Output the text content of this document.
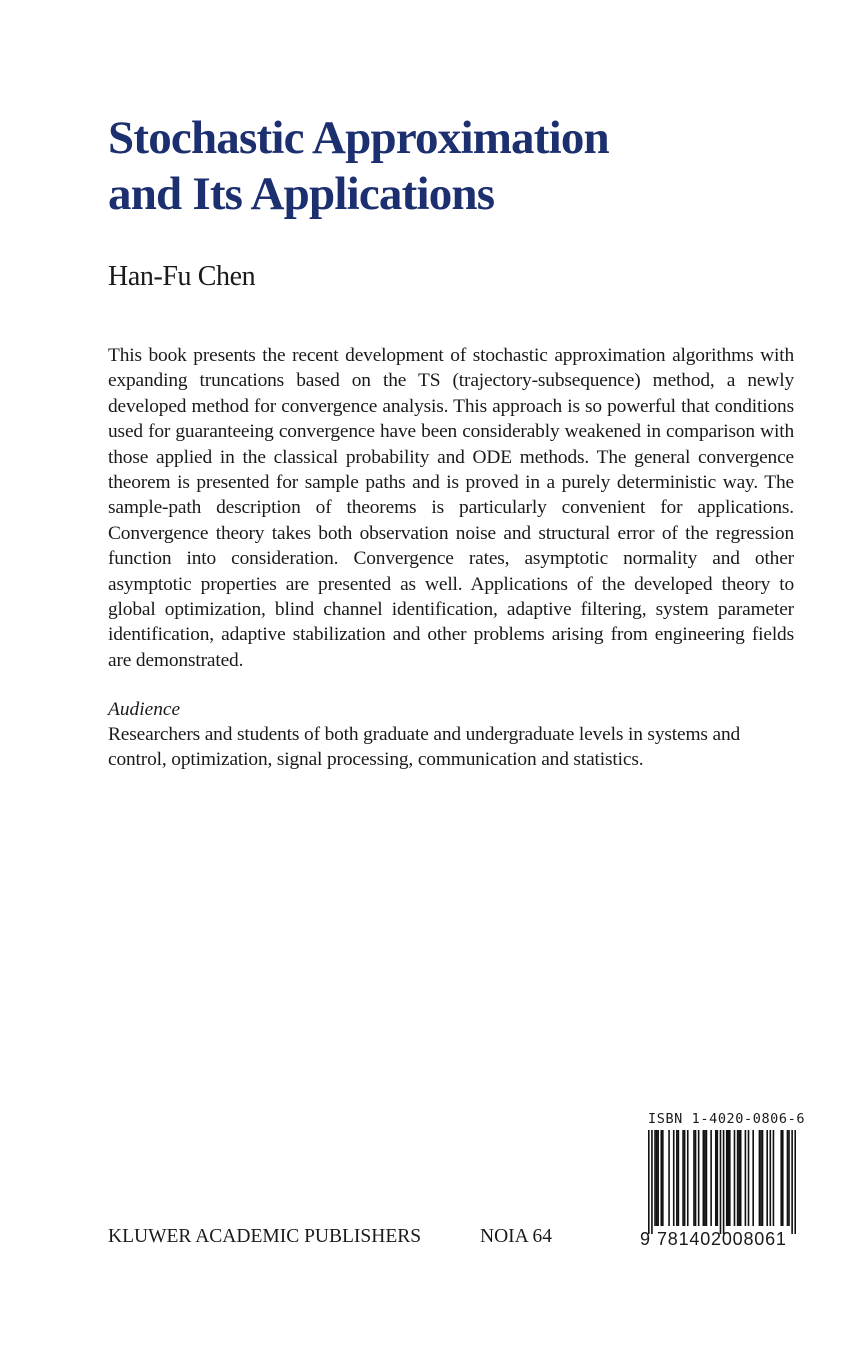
Stochastic Approximation
and Its Applications
Han-Fu Chen

This book presents the recent development of stochastic approximation algorithms with expanding truncations based on the TS (trajectory-subsequence) method, a newly developed method for convergence analysis. This approach is so powerful that conditions used for guaranteeing convergence have been considerably weakened in comparison with those applied in the classical probability and ODE methods. The general convergence theorem is presented for sample paths and is proved in a purely deterministic way. The sample-path description of theorems is particularly convenient for applications. Convergence theory takes both observation noise and structural error of the regression function into consideration. Convergence rates, asymptotic normality and other asymptotic properties are presented as well. Applications of the developed theory to global optimization, blind channel identification, adaptive filtering, system parameter identification, adaptive stabilization and other problems arising from engineering fields are demonstrated.

Audience

Researchers and students of both graduate and undergraduate levels in systems and control, optimization, signal processing, communication and statistics.

KLUWER ACADEMIC PUBLISHERS	NOIA 64
ISBN 1-4020-0806-6
9 781402008061
